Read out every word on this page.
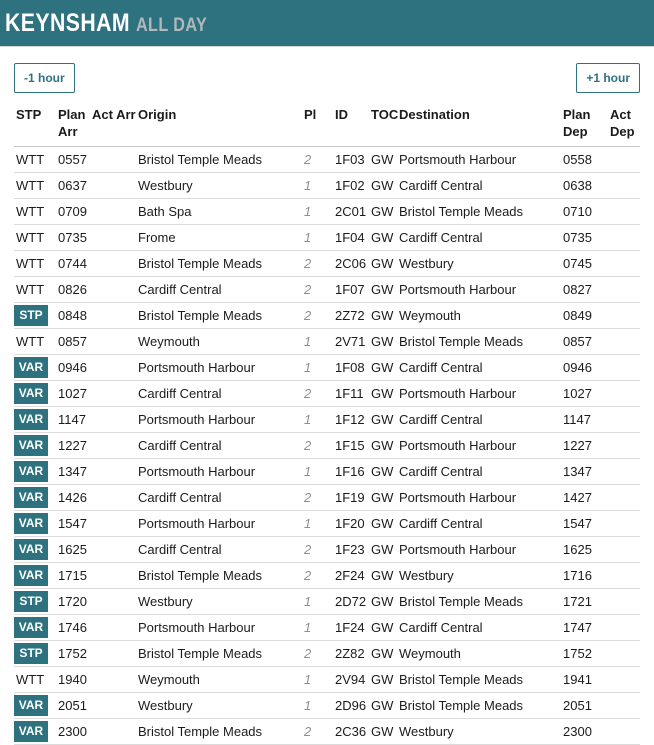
KEYNSHAM ALL DAY
-1 hour	+1 hour
STP	Plan Arr	Act Arr	Origin	Pl	ID	TOC	Destination	Plan Dep	Act Dep
WTT	0557		Bristol Temple Meads	2	1F03	GW	Portsmouth Harbour	0558	
WTT	0637		Westbury	1	1F02	GW	Cardiff Central	0638	
WTT	0709		Bath Spa	1	2C01	GW	Bristol Temple Meads	0710	
WTT	0735		Frome	1	1F04	GW	Cardiff Central	0735	
WTT	0744		Bristol Temple Meads	2	2C06	GW	Westbury	0745	
WTT	0826		Cardiff Central	2	1F07	GW	Portsmouth Harbour	0827	
STP	0848		Bristol Temple Meads	2	2Z72	GW	Weymouth	0849	
WTT	0857		Weymouth	1	2V71	GW	Bristol Temple Meads	0857	
VAR	0946		Portsmouth Harbour	1	1F08	GW	Cardiff Central	0946	
VAR	1027		Cardiff Central	2	1F11	GW	Portsmouth Harbour	1027	
VAR	1147		Portsmouth Harbour	1	1F12	GW	Cardiff Central	1147	
VAR	1227		Cardiff Central	2	1F15	GW	Portsmouth Harbour	1227	
VAR	1347		Portsmouth Harbour	1	1F16	GW	Cardiff Central	1347	
VAR	1426		Cardiff Central	2	1F19	GW	Portsmouth Harbour	1427	
VAR	1547		Portsmouth Harbour	1	1F20	GW	Cardiff Central	1547	
VAR	1625		Cardiff Central	2	1F23	GW	Portsmouth Harbour	1625	
VAR	1715		Bristol Temple Meads	2	2F24	GW	Westbury	1716	
STP	1720		Westbury	1	2D72	GW	Bristol Temple Meads	1721	
VAR	1746		Portsmouth Harbour	1	1F24	GW	Cardiff Central	1747	
STP	1752		Bristol Temple Meads	2	2Z82	GW	Weymouth	1752	
WTT	1940		Weymouth	1	2V94	GW	Bristol Temple Meads	1941	
VAR	2051		Westbury	1	2D96	GW	Bristol Temple Meads	2051	
VAR	2300		Bristol Temple Meads	2	2C36	GW	Westbury	2300	
